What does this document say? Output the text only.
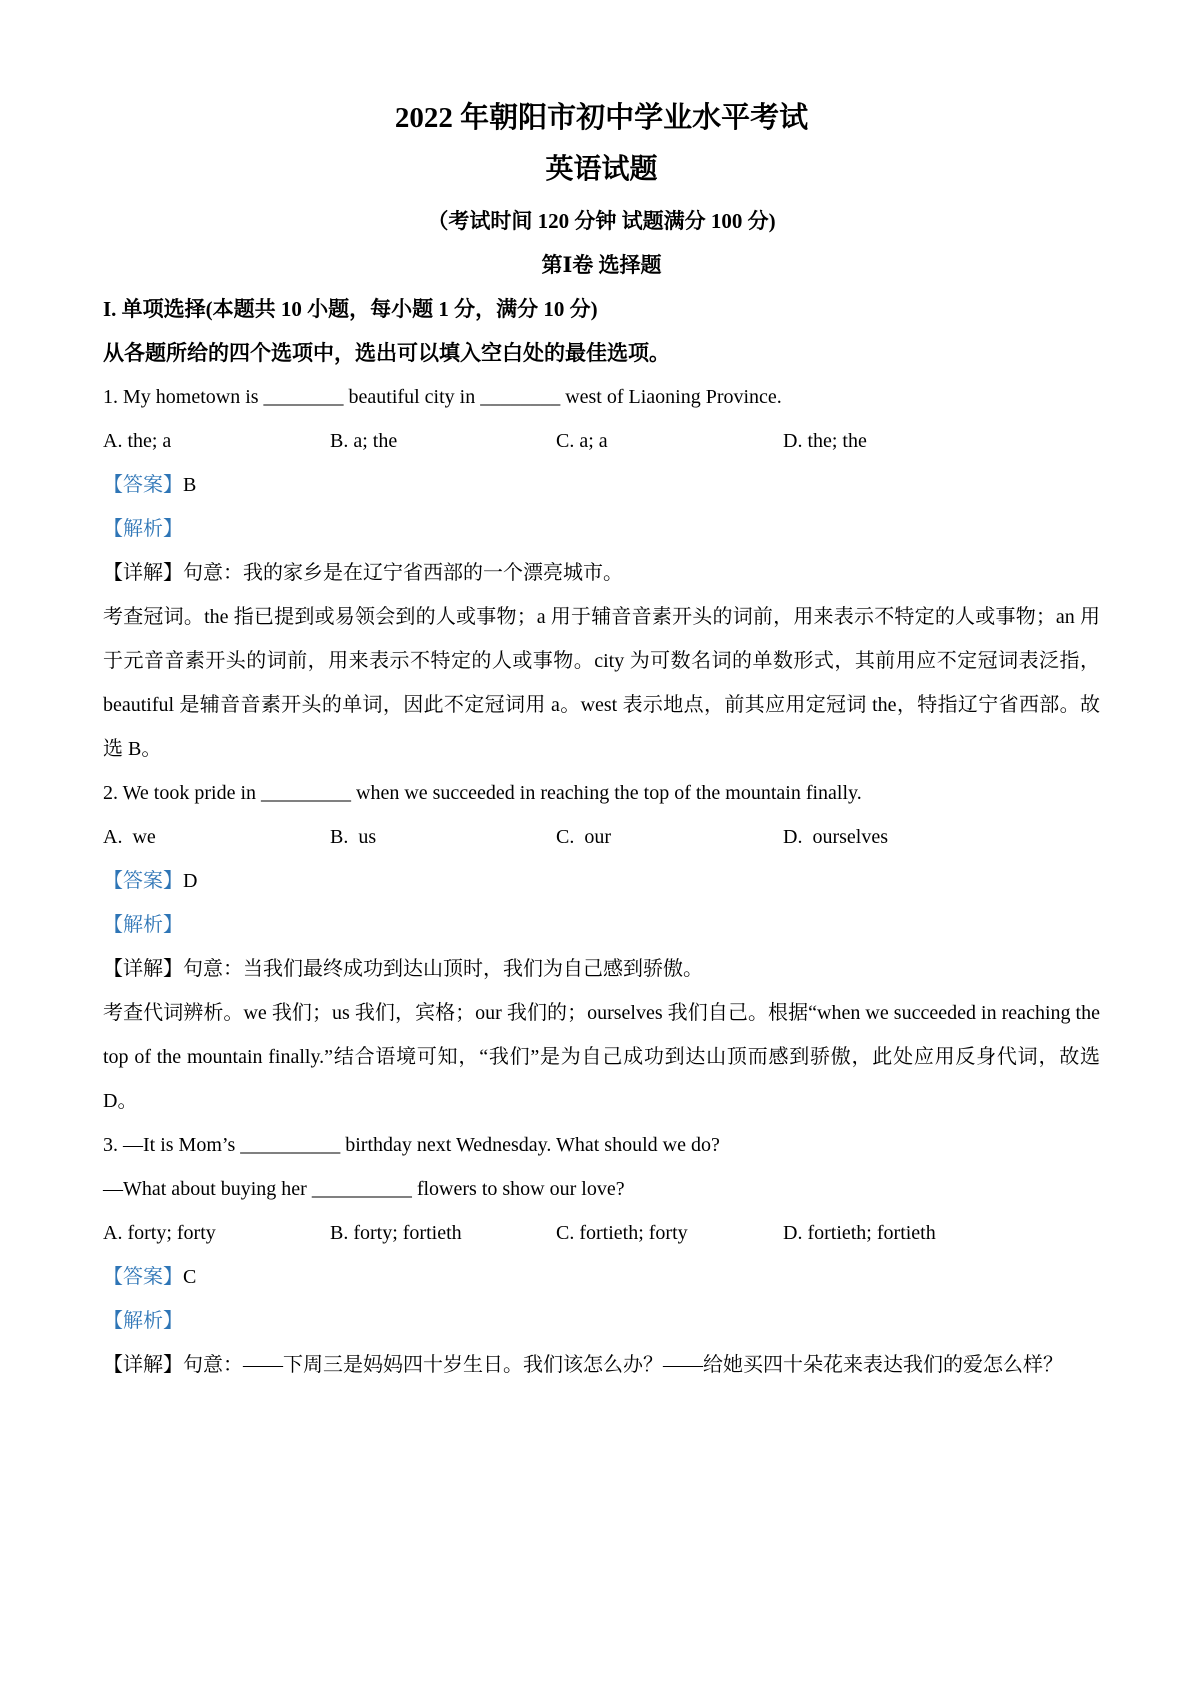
2022 年朝阳市初中学业水平考试

英语试题

（考试时间 120 分钟 试题满分 100 分)

第Ⅰ卷 选择题

I. 单项选择(本题共 10 小题，每小题 1 分，满分 10 分)

从各题所给的四个选项中，选出可以填入空白处的最佳选项。

1. My hometown is ________ beautiful city in ________ west of Liaoning Province.

A. the; a	B. a; the	C. a; a	D. the; the

【答案】B

【解析】

【详解】句意：我的家乡是在辽宁省西部的一个漂亮城市。

考查冠词。the 指已提到或易领会到的人或事物；a 用于辅音音素开头的词前，用来表示不特定的人或事物；an 用于元音音素开头的词前，用来表示不特定的人或事物。city 为可数名词的单数形式，其前用应不定冠词表泛指，beautiful 是辅音音素开头的单词，因此不定冠词用 a。west 表示地点，前其应用定冠词 the，特指辽宁省西部。故选 B。

2. We took pride in _________ when we succeeded in reaching the top of the mountain finally.

A.  we	B.  us	C.  our	D.  ourselves

【答案】D

【解析】

【详解】句意：当我们最终成功到达山顶时，我们为自己感到骄傲。

考查代词辨析。we 我们；us 我们，宾格；our 我们的；ourselves 我们自己。根据“when we succeeded in reaching the top of the mountain finally.”结合语境可知，“我们”是为自己成功到达山顶而感到骄傲，此处应用反身代词，故选 D。

3. —It is Mom’s __________ birthday next Wednesday. What should we do?

—What about buying her __________ flowers to show our love?

A. forty; forty	B. forty; fortieth	C. fortieth; forty	D. fortieth; fortieth

【答案】C

【解析】

【详解】句意：——下周三是妈妈四十岁生日。我们该怎么办？——给她买四十朵花来表达我们的爱怎么样？
